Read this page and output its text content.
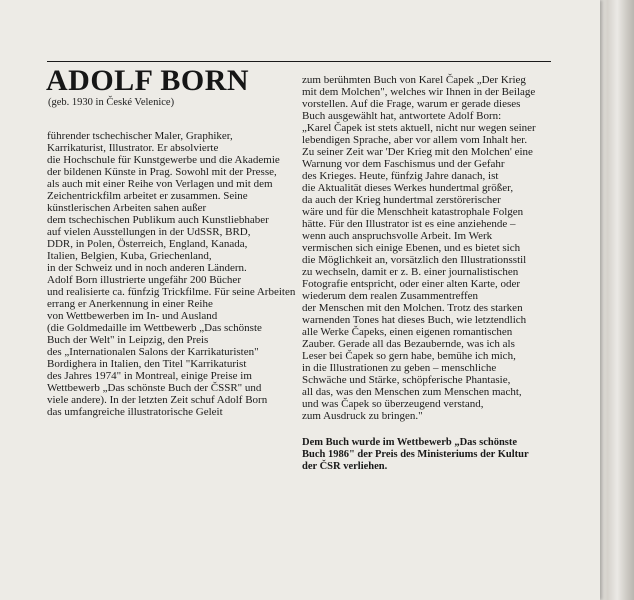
ADOLF BORN
(geb. 1930 in České Velenice)
führender tschechischer Maler, Graphiker,
Karrikaturist, Illustrator. Er absolvierte
die Hochschule für Kunstgewerbe und die Akademie
der bildenen Künste in Prag. Sowohl mit der Presse,
als auch mit einer Reihe von Verlagen und mit dem
Zeichentrickfilm arbeitet er zusammen. Seine
künstlerischen Arbeiten sahen außer
dem tschechischen Publikum auch Kunstliebhaber
auf vielen Ausstellungen in der UdSSR, BRD,
DDR, in Polen, Österreich, England, Kanada,
Italien, Belgien, Kuba, Griechenland,
in der Schweiz und in noch anderen Ländern.
Adolf Born illustrierte ungefähr 200 Bücher
und realisierte ca. fünfzig Trickfilme. Für seine Arbeiten
errang er Anerkennung in einer Reihe
von Wettbewerben im In- und Ausland
(die Goldmedaille im Wettbewerb „Das schönste
Buch der Welt" in Leipzig, den Preis
des „Internationalen Salons der Karrikaturisten"
Bordighera in Italien, den Titel "Karrikaturist
des Jahres 1974" in Montreal, einige Preise im
Wettbewerb „Das schönste Buch der ČSSR" und
viele andere). In der letzten Zeit schuf Adolf Born
das umfangreiche illustratorische Geleit
zum berühmten Buch von Karel Čapek „Der Krieg
mit dem Molchen", welches wir Ihnen in der Beilage
vorstellen. Auf die Frage, warum er gerade dieses
Buch ausgewählt hat, antwortete Adolf Born:
„Karel Čapek ist stets aktuell, nicht nur wegen seiner
lebendigen Sprache, aber vor allem vom Inhalt her.
Zu seiner Zeit war 'Der Krieg mit den Molchen' eine
Warnung vor dem Faschismus und der Gefahr
des Krieges. Heute, fünfzig Jahre danach, ist
die Aktualität dieses Werkes hundertmal größer,
da auch der Krieg hundertmal zerstörerischer
wäre und für die Menschheit katastrophale Folgen
hätte. Für den Illustrator ist es eine anziehende –
wenn auch anspruchsvolle Arbeit. Im Werk
vermischen sich einige Ebenen, und es bietet sich
die Möglichkeit an, vorsätzlich den Illustrationsstil
zu wechseln, damit er z. B. einer journalistischen
Fotografie entspricht, oder einer alten Karte, oder
wiederum dem realen Zusammentreffen
der Menschen mit den Molchen. Trotz des starken
warnenden Tones hat dieses Buch, wie letztendlich
alle Werke Čapeks, einen eigenen romantischen
Zauber. Gerade all das Bezaubernde, was ich als
Leser bei Čapek so gern habe, bemühe ich mich,
in die Illustrationen zu geben – menschliche
Schwäche und Stärke, schöpferische Phantasie,
all das, was den Menschen zum Menschen macht,
und was Čapek so überzeugend verstand,
zum Ausdruck zu bringen."
Dem Buch wurde im Wettbewerb „Das schönste
Buch 1986" der Preis des Ministeriums der Kultur
der ČSR verliehen.
